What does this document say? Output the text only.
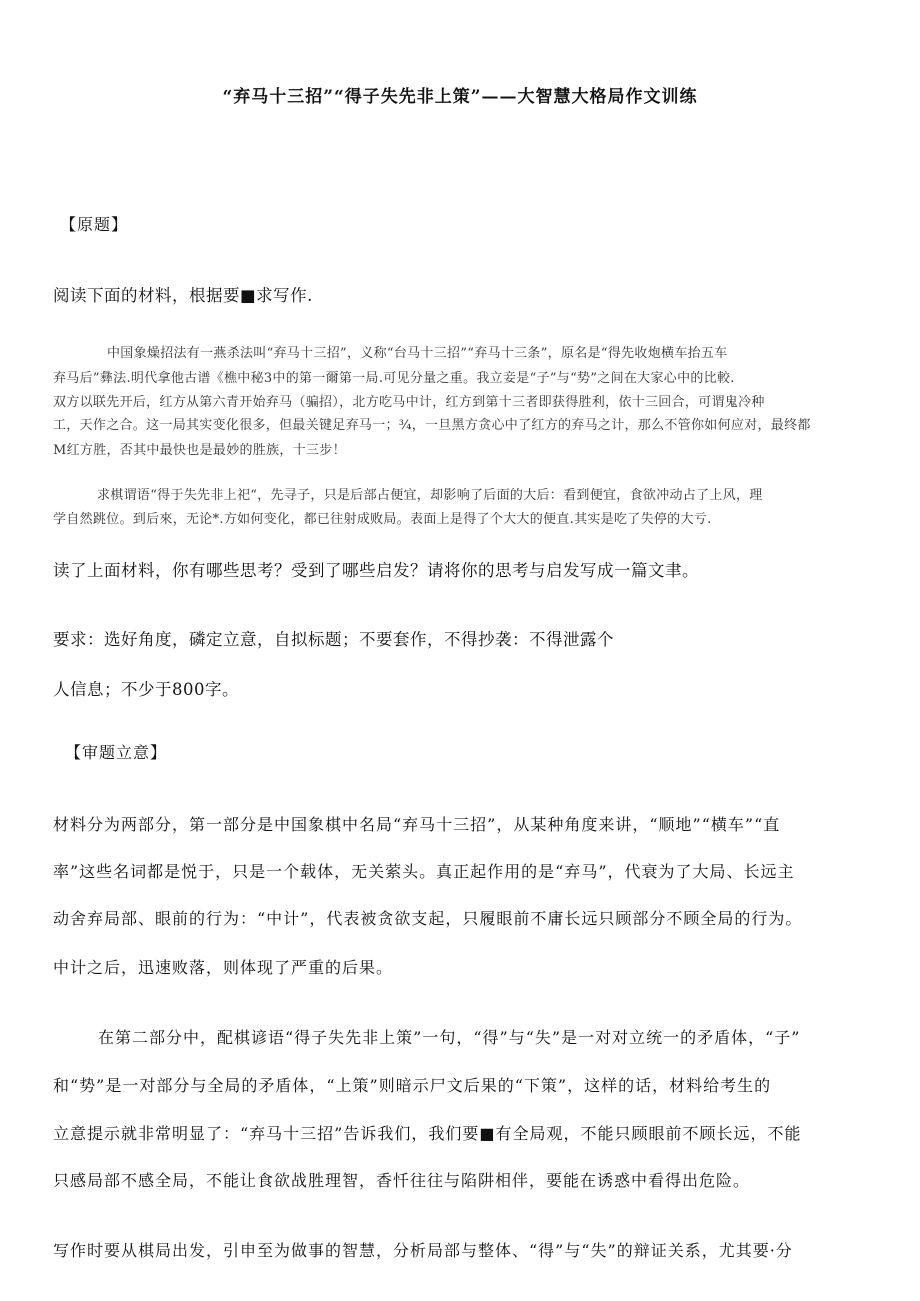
“弃马十三招”“得子失先非上策”——大智慧大格局作文训练
【原题】
阅读下面的材料，根据要■求写作.
中国象燥招法有一燕杀法叫“弃马十三招”，义称“台马十三招”“弃马十三条”，原名是“得先收炮横车抬五车
弃马后”彝法.明代拿他古谱《樵中秘3中的第一爾第一局.可见分量之重。我立妾是“子”与“势”之间在大家心中的比較.
双方以联先开后，红方从第六青开始弃马（骗招），北方吃马中计，红方到第十三者即获得胜利，依十三回合，可谓鬼冷种
工，天作之合。这一局其实变化很多，但最关键足弃马一；¾，一旦黑方贪心中了红方的弃马之计，那么不管你如何应对，最终都
M红方胜，否其中最快也是最妙的胜族，十三步！
求棋谓语“得于失先非上祀“，先寻子，只是后部占便宜，却影响了后面的大后：看到便宜，食欲冲动占了上风，理
学自然跳位。到后來，无论*.方如何变化，都已往射成败局。表面上是得了个大大的便直.其实是吃了失停的大亏.
读了上面材料，你有哪些思考？受到了哪些启发？请将你的思考与启发写成一篇文聿。
要求：选好角度，磷定立意，自拟标题；不要套作，不得抄袭：不得泄露个
人信息；不少于800字。
【审题立意】
材料分为两部分，第一部分是中国象棋中名局“弃马十三招”，从某种角度来讲，“顺地”“横车”“直
率”这些名词都是悦于，只是一个载体，无关萦头。真正起作用的是“弃马”，代衰为了大局、长远主
动舍弃局部、眼前的行为：“中计”，代表被贪欲支起，只履眼前不庸长远只顾部分不顾全局的行为。
中计之后，迅速败落，则体现了严重的后果。
在第二部分中，配棋谚语“得子失先非上策”一句，“得”与“失”是一对对立统一的矛盾体，“子”
和“势”是一对部分与全局的矛盾体，“上策”则暗示尸文后果的“下策”，这样的话，材料给考生的
立意提示就非常明显了：“弃马十三招”告诉我们，我们要■有全局观，不能只顾眼前不顾长远，不能
只感局部不感全局，不能让食欲战胜理智，香忏往往与陷阱相伴，要能在诱惑中看得出危险。
写作时要从棋局出发，引申至为做事的智慧，分析局部与整体、“得”与“失”的辩证关系，尤其要·分
